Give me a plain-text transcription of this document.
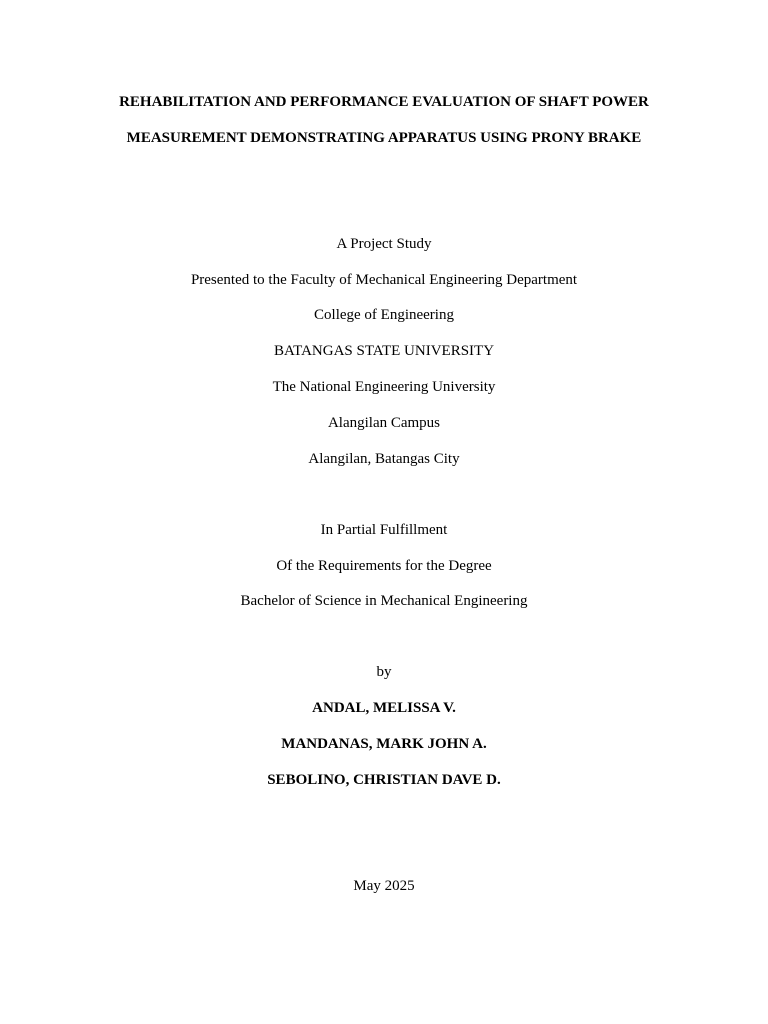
REHABILITATION AND PERFORMANCE EVALUATION OF SHAFT POWER
MEASUREMENT DEMONSTRATING APPARATUS USING PRONY BRAKE
A Project Study
Presented to the Faculty of Mechanical Engineering Department
College of Engineering
BATANGAS STATE UNIVERSITY
The National Engineering University
Alangilan Campus
Alangilan, Batangas City
In Partial Fulfillment
Of the Requirements for the Degree
Bachelor of Science in Mechanical Engineering
by
ANDAL, MELISSA V.
MANDANAS, MARK JOHN A.
SEBOLINO, CHRISTIAN DAVE D.
May 2025
